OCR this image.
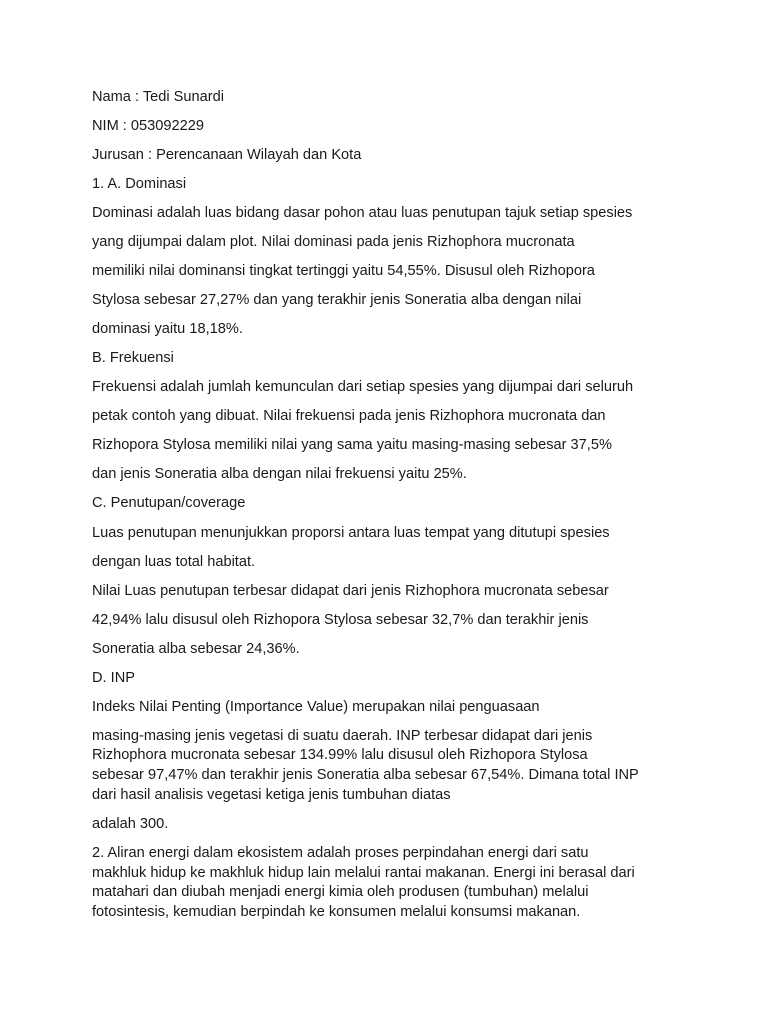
Nama : Tedi Sunardi

NIM : 053092229

Jurusan : Perencanaan Wilayah dan Kota

1. A. Dominasi

Dominasi adalah luas bidang dasar pohon atau luas penutupan tajuk setiap spesies

yang dijumpai dalam plot. Nilai dominasi pada jenis Rizhophora mucronata

memiliki nilai dominansi tingkat tertinggi yaitu 54,55%. Disusul oleh Rizhopora

Stylosa sebesar 27,27% dan yang terakhir jenis Soneratia alba dengan nilai

dominasi yaitu 18,18%.

B. Frekuensi

Frekuensi adalah jumlah kemunculan dari setiap spesies yang dijumpai dari seluruh

petak contoh yang dibuat. Nilai frekuensi pada jenis Rizhophora mucronata dan

Rizhopora Stylosa memiliki nilai yang sama yaitu masing-masing sebesar 37,5%

dan jenis Soneratia alba dengan nilai frekuensi yaitu 25%.

C. Penutupan/coverage

Luas penutupan menunjukkan proporsi antara luas tempat yang ditutupi spesies

dengan luas total habitat.

Nilai Luas penutupan terbesar didapat dari jenis Rizhophora mucronata sebesar

42,94% lalu disusul oleh Rizhopora Stylosa sebesar 32,7% dan terakhir jenis

Soneratia alba sebesar 24,36%.

D. INP

Indeks Nilai Penting (Importance Value) merupakan nilai penguasaan

masing-masing jenis vegetasi di suatu daerah. INP terbesar didapat dari jenis

Rizhophora mucronata sebesar 134.99% lalu disusul oleh Rizhopora Stylosa

sebesar 97,47% dan terakhir jenis Soneratia alba sebesar 67,54%. Dimana total INP

dari hasil analisis vegetasi ketiga jenis tumbuhan diatas

adalah 300.

2. Aliran energi dalam ekosistem adalah proses perpindahan energi dari satu

makhluk hidup ke makhluk hidup lain melalui rantai makanan. Energi ini berasal dari

matahari dan diubah menjadi energi kimia oleh produsen (tumbuhan) melalui

fotosintesis, kemudian berpindah ke konsumen melalui konsumsi makanan.
